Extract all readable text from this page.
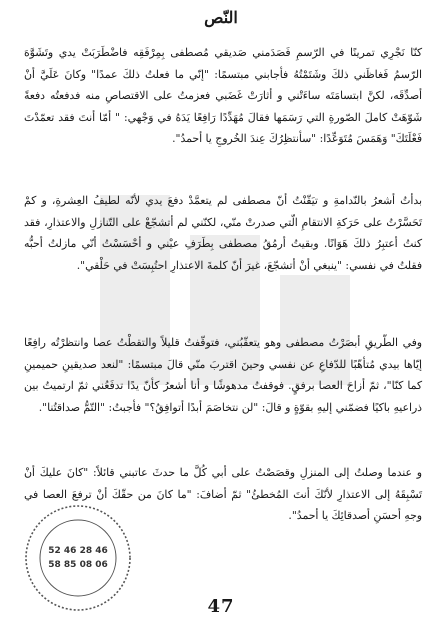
النّص
كنّا نَجْرِي تمرينًا في الرّسمِ فَصَدَمني صَديقي مُصطفى بِمِرْفَقِه فاضْطَرَبَتْ يدي وتَشَوَّهَ الرّسمُ فَغاظَني ذلكَ وشَتَمْتُهُ فأجابني مبتسمًا: "إنّي ما فعلتُ ذلكَ عمدًا" وكانَ عَلَيَّ أنْ أصدِّقَه، لكنَّ ابتسامَتَه ساءَتْني و أثارَتْ غَضَبي فعزمتُ على الاقتصاصِ منه فدفعتُه دفعةً شَوّهَتْ كاملَ الصّورةِ التي رَسَمَها فقالَ مُهَدِّدًا رَافِعًا يَدَهُ في وَجْهي: " أمّا أنتَ فقد تعمّدْتَ فَعْلَتَكَ" وَهَمَسَ مُتَوَعِّدًا: "سأنتظِرُكَ عِندَ الخُروجِ يا أحمدُ".
بدأتُ أشعرُ بالنّدامةِ و تيَقّنْتُ أنّ مصطفى لم يتعمَّدْ دفعَ يدي لأنّه لطيفُ العِشرةِ، و كمْ تَحَسَّرْتُ على حَرَكةِ الانتقامِ الّتي صدرتْ منّي، لكنّني لم أتشجّعْ على التّنازلِ والاعتذارِ، فقد كنتُ أعتبِرُ ذلكَ هَوَانًا. وبقيتُ أرمُقُ مصطفى بِطَرَفِ عيْني و أحْسَسْتُ أنّي مازلتُ أحبُّه فقلتُ في نفسي: "ينبغي أنْ أتشجّعَ، غيرَ أنّ كلمةَ الاعتذارِ احتُبِسَتْ في حَلْقي".
وفي الطّريقِ أبصَرْتُ مصطفى وهو يتعقّبُني، فتوقّفتُ قليلاً والتقطْتُ عصا وانتظرْتُه رافِعًا إيّاها بيدي مُتأهّبًا للدّفاعِ عن نفسي وحينَ اقتربَ منّي قالَ مبتسمًا: "لنعد صديقينِ حميمينِ كما كنّا"، ثمّ أزاحَ العصا برفقٍ. فوقفتُ مدهوشًا و أنا أشعرُ كأنّ يدًا تدفَعُني ثمّ ارتميتُ بين ذراعيهِ باكيًا فضمّني إليهِ بقوّةٍ و قالَ: "لن نتخاصَمَ أبدًا أتوافِقُ؟" فأجبتُ: "التّمُّ صداقتُنا".
و عندما وصلتُ إلى المنزلِ وقصَصْتُ على أبي كُلَّ ما حدثَ عاتبني قائلاً: "كانَ عليكَ أنْ تَسْبِقَهُ إلى الاعتذارِ لأنّكَ أنتَ المُخطئُ" ثمّ أضافَ: "ما كانَ من حقّكَ أنْ ترفعَ العصا في وجهِ أحسَنِ أصدقائِكَ يا أحمدُ".
52 46 28 46
58 85 08 06
47
